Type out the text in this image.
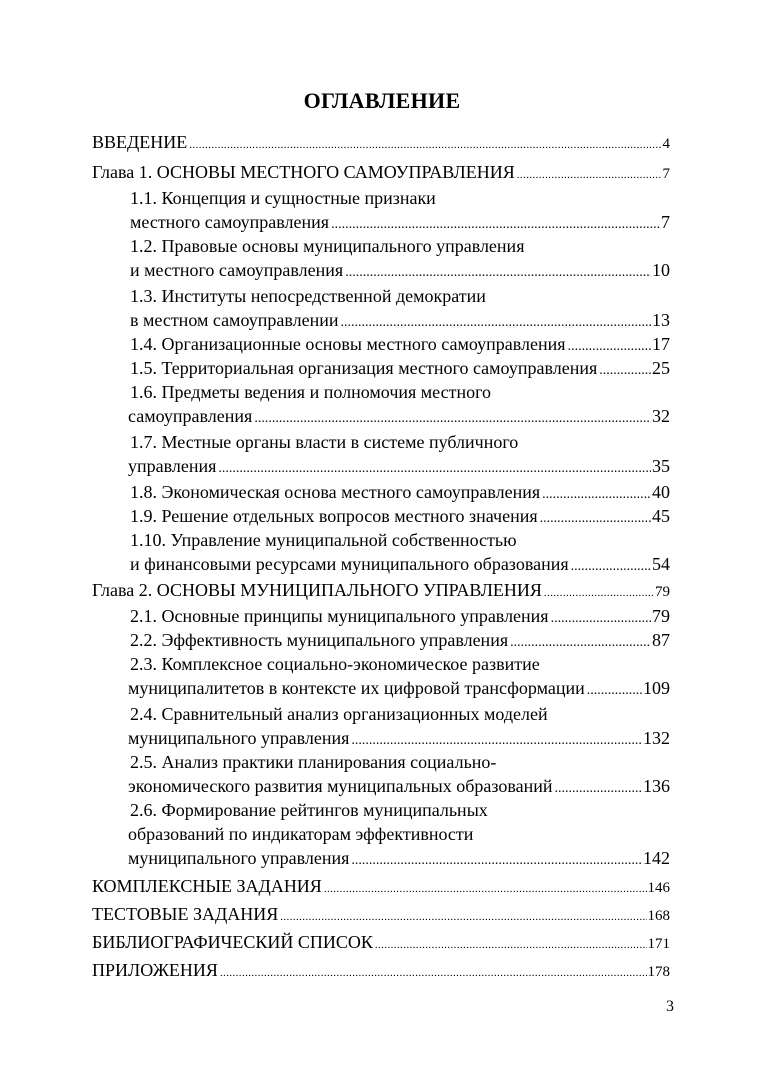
ОГЛАВЛЕНИЕ
ВВЕДЕНИЕ .....	4
Глава 1. ОСНОВЫ МЕСТНОГО САМОУПРАВЛЕНИЯ .....	7
1.1. Концепция и сущностные признаки
местного самоуправления .....	7
1.2. Правовые основы муниципального управления
и местного самоуправления .....	10
1.3. Институты непосредственной демократии
в местном самоуправлении .....	13
1.4. Организационные основы местного самоуправления .....	17
1.5. Территориальная организация местного самоуправления .....	25
1.6. Предметы ведения и полномочия местного
самоуправления .....	32
1.7. Местные органы власти в системе публичного
управления .....	35
1.8. Экономическая основа местного самоуправления .....	40
1.9. Решение отдельных вопросов местного значения .....	45
1.10. Управление муниципальной собственностью
и финансовыми ресурсами муниципального образования .....	54
Глава 2. ОСНОВЫ МУНИЦИПАЛЬНОГО УПРАВЛЕНИЯ .....	79
2.1. Основные принципы муниципального управления .....	79
2.2. Эффективность муниципального управления .....	87
2.3. Комплексное социально-экономическое развитие
муниципалитетов в контексте их цифровой трансформации .....	109
2.4. Сравнительный анализ организационных моделей
муниципального управления .....	132
2.5. Анализ практики планирования социально-
экономического развития муниципальных образований .....	136
2.6. Формирование рейтингов муниципальных
образований по индикаторам эффективности
муниципального управления .....	142
КОМПЛЕКСНЫЕ ЗАДАНИЯ .....	146
ТЕСТОВЫЕ ЗАДАНИЯ .....	168
БИБЛИОГРАФИЧЕСКИЙ СПИСОК .....	171
ПРИЛОЖЕНИЯ .....	178
3
